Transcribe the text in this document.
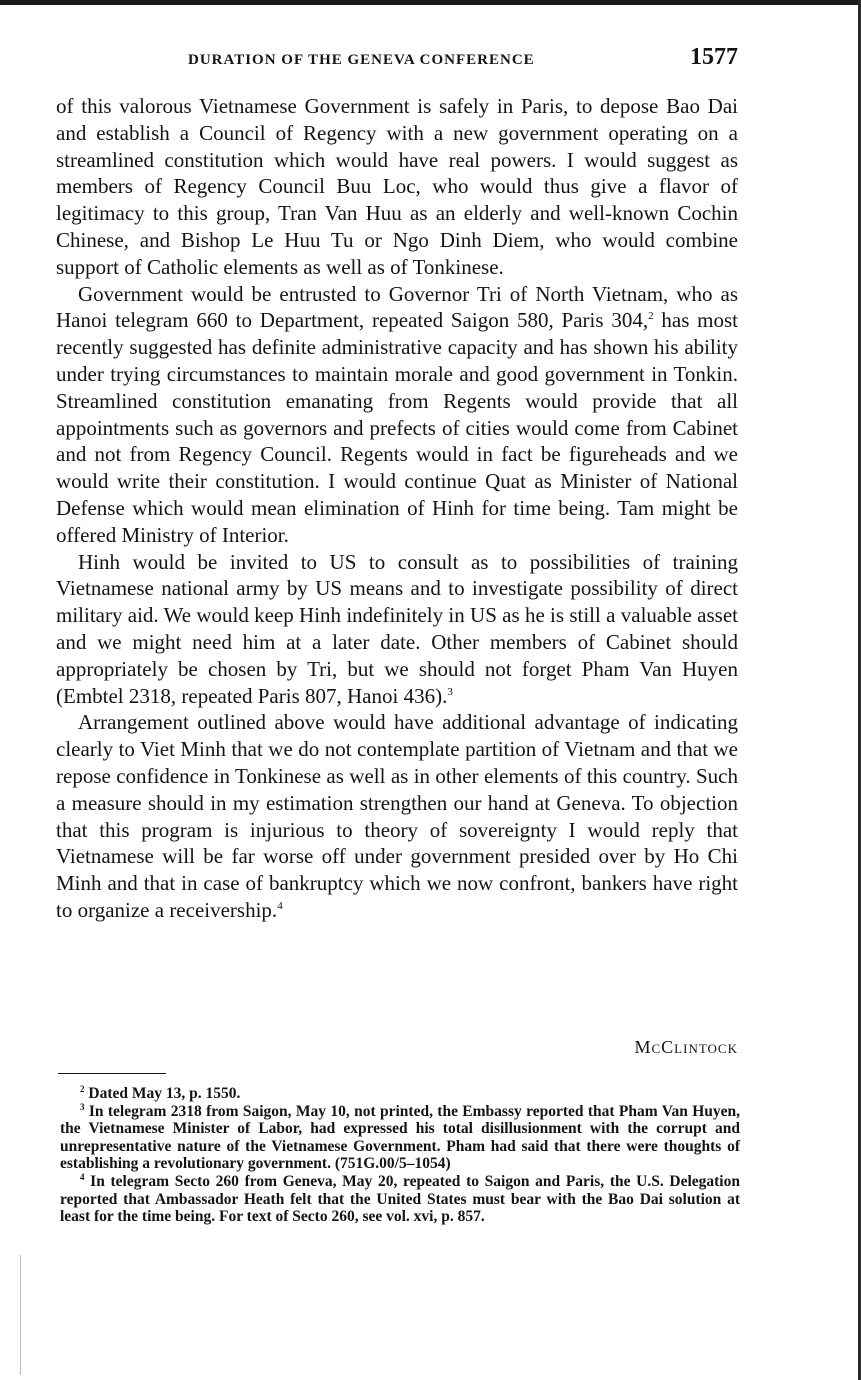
DURATION OF THE GENEVA CONFERENCE	1577

of this valorous Vietnamese Government is safely in Paris, to depose Bao Dai and establish a Council of Regency with a new government operating on a streamlined constitution which would have real powers. I would suggest as members of Regency Council Buu Loc, who would thus give a flavor of legitimacy to this group, Tran Van Huu as an elderly and well-known Cochin Chinese, and Bishop Le Huu Tu or Ngo Dinh Diem, who would combine support of Catholic elements as well as of Tonkinese.

Government would be entrusted to Governor Tri of North Vietnam, who as Hanoi telegram 660 to Department, repeated Saigon 580, Paris 304,$^2$ has most recently suggested has definite administrative capacity and has shown his ability under trying circumstances to maintain morale and good government in Tonkin. Streamlined constitution emanating from Regents would provide that all appointments such as governors and prefects of cities would come from Cabinet and not from Regency Council. Regents would in fact be figureheads and we would write their constitution. I would continue Quat as Minister of National Defense which would mean elimination of Hinh for time being. Tam might be offered Ministry of Interior.

Hinh would be invited to US to consult as to possibilities of training Vietnamese national army by US means and to investigate possibility of direct military aid. We would keep Hinh indefinitely in US as he is still a valuable asset and we might need him at a later date. Other members of Cabinet should appropriately be chosen by Tri, but we should not forget Pham Van Huyen (Embtel 2318, repeated Paris 807, Hanoi 436).$^3$

Arrangement outlined above would have additional advantage of indicating clearly to Viet Minh that we do not contemplate partition of Vietnam and that we repose confidence in Tonkinese as well as in other elements of this country. Such a measure should in my estimation strengthen our hand at Geneva. To objection that this program is injurious to theory of sovereignty I would reply that Vietnamese will be far worse off under government presided over by Ho Chi Minh and that in case of bankruptcy which we now confront, bankers have right to organize a receivership.$^4$

McClintock

$^2$ Dated May 13, p. 1550.

$^3$ In telegram 2318 from Saigon, May 10, not printed, the Embassy reported that Pham Van Huyen, the Vietnamese Minister of Labor, had expressed his total disillusionment with the corrupt and unrepresentative nature of the Vietnamese Government. Pham had said that there were thoughts of establishing a revolutionary government. (751G.00/5–1054)

$^4$ In telegram Secto 260 from Geneva, May 20, repeated to Saigon and Paris, the U.S. Delegation reported that Ambassador Heath felt that the United States must bear with the Bao Dai solution at least for the time being. For text of Secto 260, see vol. xvi, p. 857.
